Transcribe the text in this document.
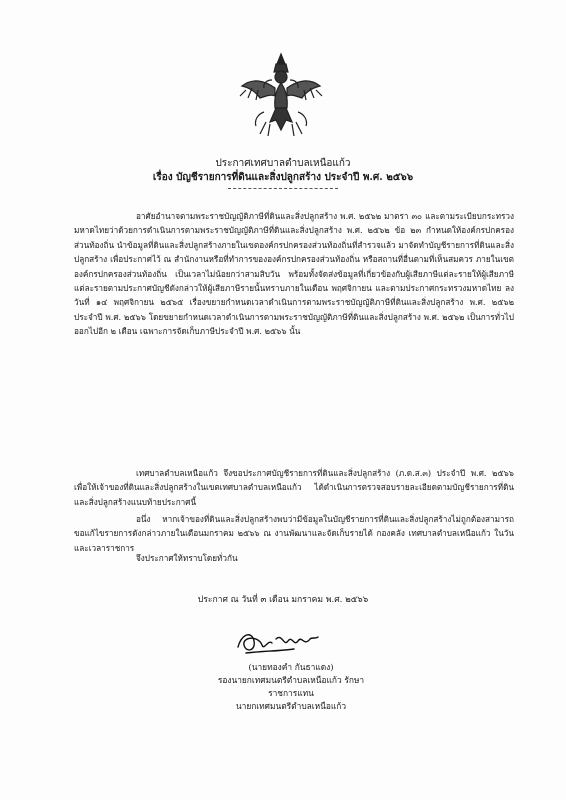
ประกาศเทศบาลตำบลเหนือแก้ว
เรื่อง บัญชีรายการที่ดินและสิ่งปลูกสร้าง ประจำปี พ.ศ. ๒๕๖๖

อาศัยอำนาจตามพระราชบัญญัติภาษีที่ดินและสิ่งปลูกสร้าง พ.ศ. ๒๕๖๒ มาตรา ๓๐ และตามระเบียบกระทรวงมหาดไทยว่าด้วยการดำเนินการตามพระราชบัญญัติภาษีที่ดินและสิ่งปลูกสร้าง พ.ศ. ๒๕๖๒ ข้อ ๒๓ กำหนดให้องค์กรปกครองส่วนท้องถิ่น นำข้อมูลที่ดินและสิ่งปลูกสร้างภายในเขตองค์กรปกครองส่วนท้องถิ่นที่สำรวจแล้ว มาจัดทำบัญชีรายการที่ดินและสิ่งปลูกสร้าง เพื่อประกาศไว้ ณ สำนักงานหรือที่ทำการขององค์กรปกครองส่วนท้องถิ่น หรือสถานที่อื่นตามที่เห็นสมควร ภายในเขตองค์กรปกครองส่วนท้องถิ่น เป็นเวลาไม่น้อยกว่าสามสิบวัน พร้อมทั้งจัดส่งข้อมูลที่เกี่ยวข้องกับผู้เสียภาษีแต่ละรายให้ผู้เสียภาษีแต่ละรายตามประกาศบัญชีดังกล่าวให้ผู้เสียภาษีรายนั้นทราบภายในเดือน พฤศจิกายน และตามประกาศกระทรวงมหาดไทย ลงวันที่ ๑๔ พฤศจิกายน ๒๕๖๕ เรื่องขยายกำหนดเวลาดำเนินการตามพระราชบัญญัติภาษีที่ดินและสิ่งปลูกสร้าง พ.ศ. ๒๕๖๒ ประจำปี พ.ศ. ๒๕๖๖ โดยขยายกำหนดเวลาดำเนินการตามพระราชบัญญัติภาษีที่ดินและสิ่งปลูกสร้าง พ.ศ. ๒๕๖๒ เป็นการทั่วไปออกไปอีก ๒ เดือน เฉพาะการจัดเก็บภาษีประจำปี พ.ศ. ๒๕๖๖ นั้น

เทศบาลตำบลเหนือแก้ว จึงขอประกาศบัญชีรายการที่ดินและสิ่งปลูกสร้าง (ภ.ด.ส.๓) ประจำปี พ.ศ. ๒๕๖๖ เพื่อให้เจ้าของที่ดินและสิ่งปลูกสร้างในเขตเทศบาลตำบลเหนือแก้ว ได้ดำเนินการตรวจสอบรายละเอียดตามบัญชีรายการที่ดินและสิ่งปลูกสร้างแนบท้ายประกาศนี้

อนึ่ง หากเจ้าของที่ดินและสิ่งปลูกสร้างพบว่ามีข้อมูลในบัญชีรายการที่ดินและสิ่งปลูกสร้างไม่ถูกต้องสามารถขอแก้ไขรายการดังกล่าวภายในเดือนมกราคม ๒๕๖๖ ณ งานพัฒนาและจัดเก็บรายได้ กองคลัง เทศบาลตำบลเหนือแก้ว ในวันและเวลาราชการ

จึงประกาศให้ทราบโดยทั่วกัน

ประกาศ ณ วันที่ ๓ เดือน มกราคม พ.ศ. ๒๕๖๖
(นายทองคำ กันธาแดง)
รองนายกเทศมนตรีตำบลเหนือแก้ว รักษาราชการแทน
นายกเทศมนตรีตำบลเหนือแก้ว
